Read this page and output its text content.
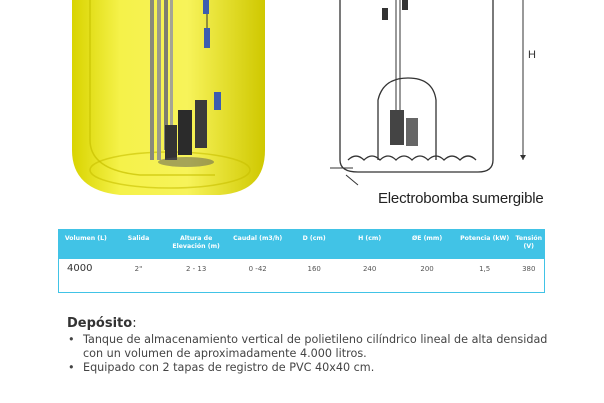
H
Electrobomba sumergible
Volumen (L)	Salida	Altura de Elevación (m)	Caudal (m3/h)	D (cm)	H (cm)	ØE (mm)	Potencia (kW)	Tensión (V)
4000	2"	2 - 13	0 -42	160	240	200	1,5	380
Depósito:
• Tanque de almacenamiento vertical de polietileno cilíndrico lineal de alta densidad con un volumen de aproximadamente 4.000 litros.
• Equipado con 2 tapas de registro de PVC 40x40 cm.
